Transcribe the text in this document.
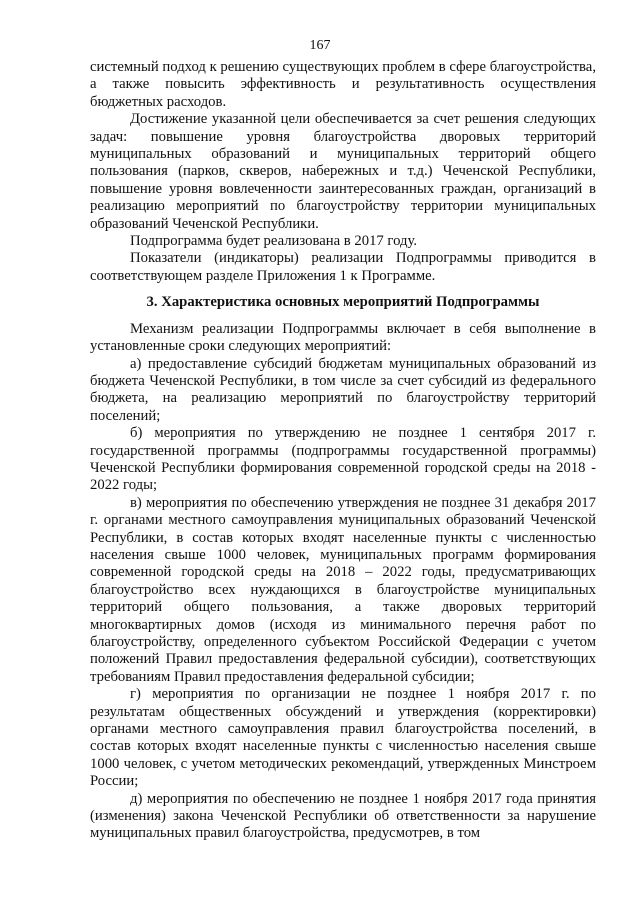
167

системный подход к решению существующих проблем в сфере благоустройства, а также повысить эффективность и результативность осуществления бюджетных расходов.

Достижение указанной цели обеспечивается за счет решения следующих задач: повышение уровня благоустройства дворовых территорий муниципальных образований и муниципальных территорий общего пользования (парков, скверов, набережных и т.д.) Чеченской Республики, повышение уровня вовлеченности заинтересованных граждан, организаций в реализацию мероприятий по благоустройству территории муниципальных образований Чеченской Республики.

Подпрограмма будет реализована в 2017 году.

Показатели (индикаторы) реализации Подпрограммы приводится в соответствующем разделе Приложения 1 к Программе.

3. Характеристика основных мероприятий Подпрограммы

Механизм реализации Подпрограммы включает в себя выполнение в установленные сроки следующих мероприятий:

а) предоставление субсидий бюджетам муниципальных образований из бюджета Чеченской Республики, в том числе за счет субсидий из федерального бюджета, на реализацию мероприятий по благоустройству территорий поселений;

б) мероприятия по утверждению не позднее 1 сентября 2017 г. государственной программы (подпрограммы государственной программы) Чеченской Республики формирования современной городской среды на 2018 - 2022 годы;

в) мероприятия по обеспечению утверждения не позднее 31 декабря 2017 г. органами местного самоуправления муниципальных образований Чеченской Республики, в состав которых входят населенные пункты с численностью населения свыше 1000 человек, муниципальных программ формирования современной городской среды на 2018 – 2022 годы, предусматривающих благоустройство всех нуждающихся в благоустройстве муниципальных территорий общего пользования, а также дворовых территорий многоквартирных домов (исходя из минимального перечня работ по благоустройству, определенного субъектом Российской Федерации с учетом положений Правил предоставления федеральной субсидии), соответствующих требованиям Правил предоставления федеральной субсидии;

г) мероприятия по организации не позднее 1 ноября 2017 г. по результатам общественных обсуждений и утверждения (корректировки) органами местного самоуправления правил благоустройства поселений, в состав которых входят населенные пункты с численностью населения свыше 1000 человек, с учетом методических рекомендаций, утвержденных Минстроем России;

д) мероприятия по обеспечению не позднее 1 ноября 2017 года принятия (изменения) закона Чеченской Республики об ответственности за нарушение муниципальных правил благоустройства, предусмотрев, в том
